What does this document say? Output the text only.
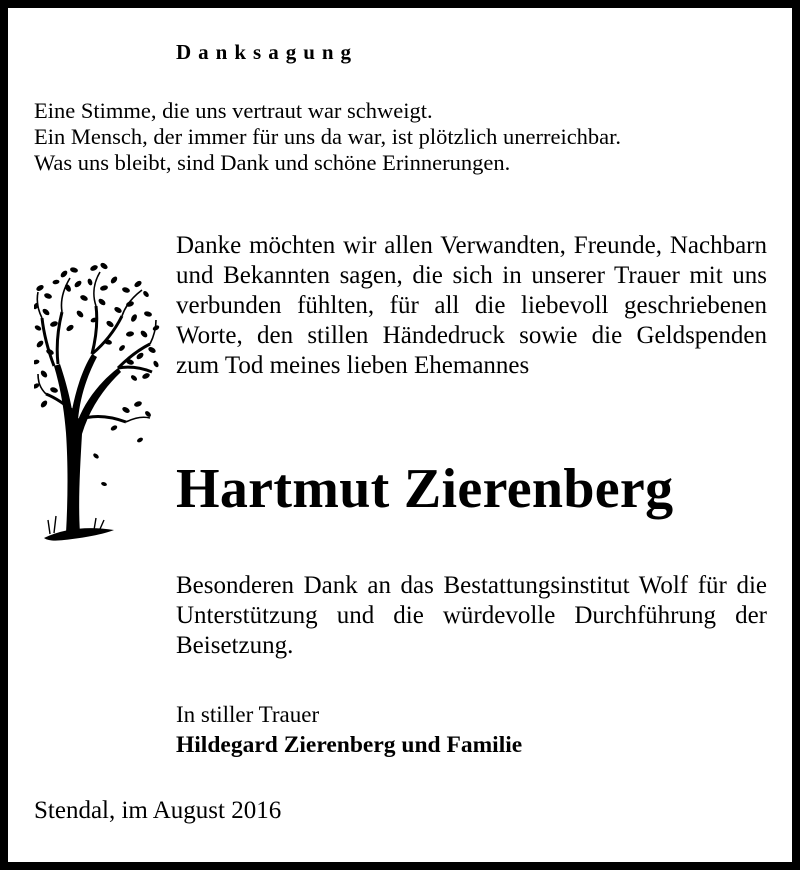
Danksagung
Eine Stimme, die uns vertraut war schweigt.
Ein Mensch, der immer für uns da war, ist plötzlich unerreichbar.
Was uns bleibt, sind Dank und schöne Erinnerungen.
Danke möchten wir allen Verwandten, Freunde, Nachbarn und Bekannten sagen, die sich in unserer Trauer mit uns verbunden fühlten, für all die liebevoll geschriebenen Worte, den stillen Händedruck sowie die Geldspenden zum Tod meines lieben Ehemannes
Hartmut Zierenberg
Besonderen Dank an das Bestattungsinstitut Wolf für die Unterstützung und die würdevolle Durchführung der Beisetzung.
In stiller Trauer
Hildegard Zierenberg und Familie
Stendal, im August 2016
